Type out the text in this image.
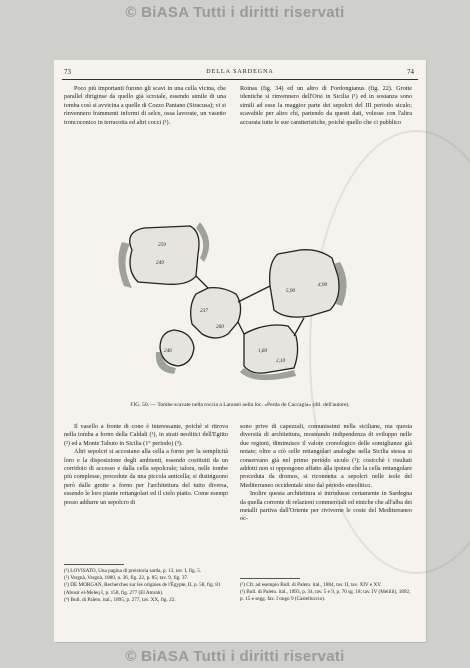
© BiASA Tutti i diritti riservati
73	DELLA SARDEGNA	74

Poco più importanti furono gli scavi in una cella vicina, che parallel diriginse da quello già scroiale, essendo simile di una tomba così si avvicina a quelle di Cozzo Pantano (Siracusa); vi si rinvennero frammenti informi di selce, ossa lavorate, un vasetto troncoconico in terracotta ed altri cocci (¹).

Roinas (fig. 34) ed un altro di Fordongianus (fig. 22). Grotte identiche si rinvennero dell'Orsi in Sicilia (¹) ed in sostanza sono simili ad esse la maggior parte dei sepolcri del III periodo siculo; scavabile per altro chi, partendo da questi dati, volesse con l'altra accurata tutte le sue caratteristiche, poichè quello che ci pubblico

259
249
237
260
246
5,90
4,90
1,60
2,10
FIG. 50. — Tombe scavate nella roccia a Lanusei nella loc. «Perda de Caccagia» (dil. dell'autore).

Il vasello a fronte di cono è interessante, poichè si ritrova nella tomba a forno della Caldali (¹), in strati neolitici dell'Egitto (²) ed a Monte Tabuto in Sicilia (1° periodo) (³).

Altri sepolcri si accostano alla cella a forno per la semplicità loro e la disposizione degli ambienti, essendo costituiti da un corridoio di accesso e dalla cella sepolcrale; talora, nelle tombe più complesse, procedute da una piccola anticella; si distinguono però dalle grotte a forno per l'architettura del tutto diversa, essendo le loro piante rettangolari ed il cielo piatto. Come esempi posso addurre un sepolcro di

sono prive di capezzali, comunissimi nella siciliane, ma questa diversità di architettura, mostrando indipendenza di sviluppo nelle due regioni, diminuisce il valore cronologico delle somiglianze già notate; oltre a ciò celle rettangolari analoghe nella Sicilia stessa si conservano già nel primo periodo siculo (¹); cosicchè i risultati addotti non si oppongono affatto alla ipotesi che la cella rettangolare proceduta da dromos, si riconnetta a sepolcri nelle isole del Mediterraneo occidentale sino dal periodo eneolitico.

Inoltre questa architettura si introdusse certamente in Sardegna da quella corrente di relazioni commerciali ed etniche che all'alba dei metalli partiva dall'Oriente per riviverne le coste del Mediterraneo oc-

(¹) LOVISATO, Una pagina di preistoria sarda, p. 13, tav. I, fig. 5.
(²) Vergnà, Vergnà, 1880, n. 36, fig. 22, p. 85; tav. 9, fig. 37.
(³) DE MORGAN, Recherches sur les origines de l'Égypte, II, p. 58, fig. 81 (Abusir el-Meleq I, p. 158, fig. 277 (El Amrah).
(⁴) Bull. di Paleto. ital., 1895, p. 277, tav. XX, fig. 22.
(¹) Cfr. ad esempio Bull. di Paleto. ital., 1884, tav. II, tav. XIV e XV.
(¹) Bull. di Paleto. ital., 1893, p. 34, tav. 5 e 9, p. 70 sg. 18; tav. IV (Melilli), 1892, p. 15 e segg. fav. I ongo 9 (Castelluccio).
© BiASA Tutti i diritti riservati
